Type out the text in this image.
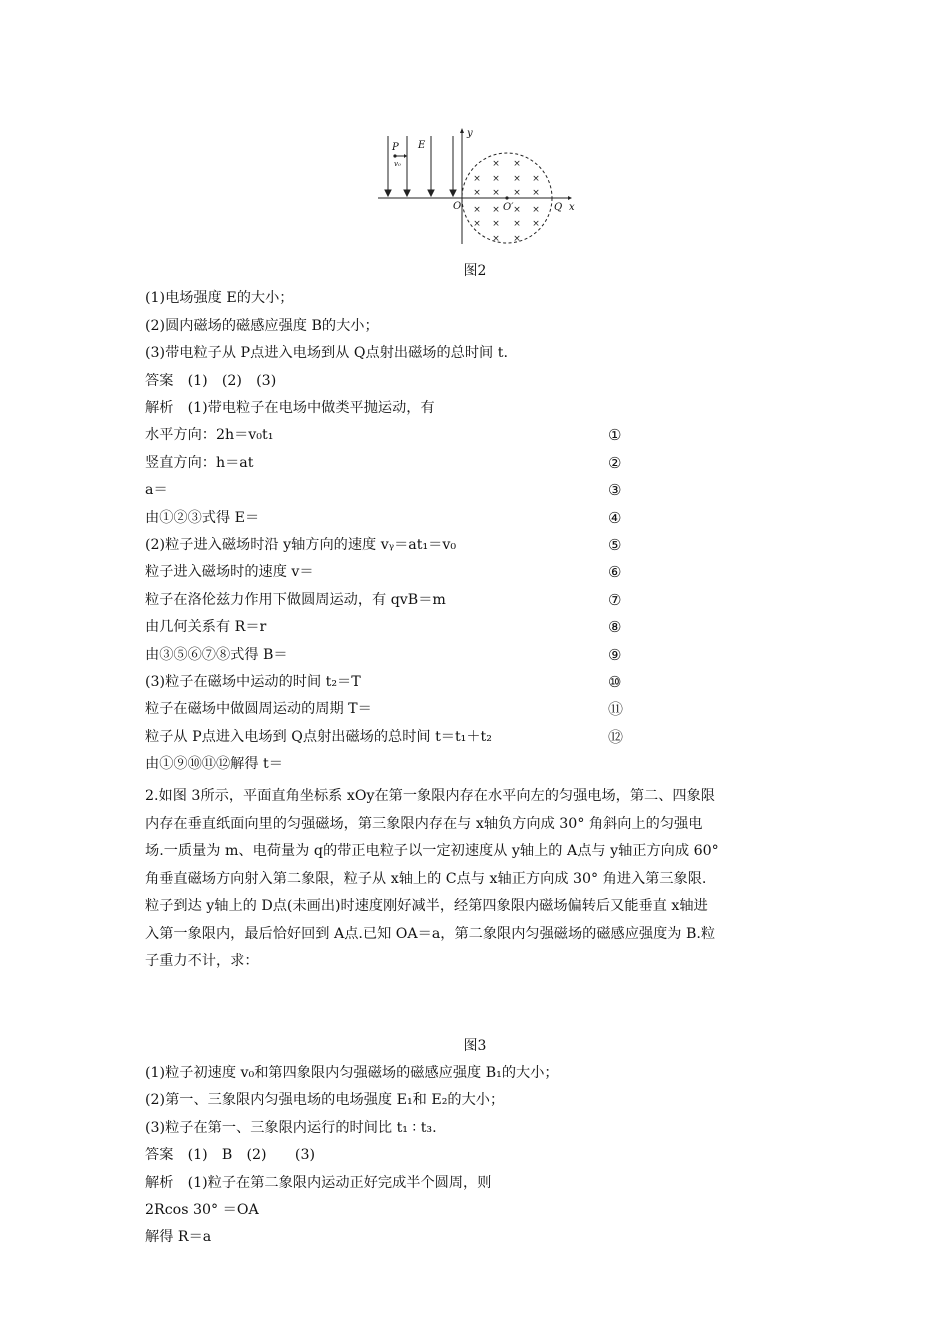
× ×
× × × ×
× × × ×
× × × ×
× × × ×
× ×
P
v₀
E
y
O	O′	Q x
图2
(1)电场强度 E的大小；
(2)圆内磁场的磁感应强度 B的大小；
(3)带电粒子从 P点进入电场到从 Q点射出磁场的总时间 t.
答案　(1)　(2)　(3)
解析　(1)带电粒子在电场中做类平抛运动，有
水平方向：2h＝v₀t₁	①
竖直方向：h＝at	②
a＝	③
由①②③式得 E＝	④
(2)粒子进入磁场时沿 y轴方向的速度 vᵧ＝at₁＝v₀	⑤
粒子进入磁场时的速度 v＝	⑥
粒子在洛伦兹力作用下做圆周运动，有 qvB＝m	⑦
由几何关系有 R＝r	⑧
由③⑤⑥⑦⑧式得 B＝	⑨
(3)粒子在磁场中运动的时间 t₂＝T	⑩
粒子在磁场中做圆周运动的周期 T＝	⑪
粒子从 P点进入电场到 Q点射出磁场的总时间 t＝t₁＋t₂	⑫
由①⑨⑩⑪⑫解得 t＝
2.如图 3所示，平面直角坐标系 xOy在第一象限内存在水平向左的匀强电场，第二、四象限
内存在垂直纸面向里的匀强磁场，第三象限内存在与 x轴负方向成 30° 角斜向上的匀强电
场.一质量为 m、电荷量为 q的带正电粒子以一定初速度从 y轴上的 A点与 y轴正方向成 60°
角垂直磁场方向射入第二象限，粒子从 x轴上的 C点与 x轴正方向成 30° 角进入第三象限.
粒子到达 y轴上的 D点(未画出)时速度刚好减半，经第四象限内磁场偏转后又能垂直 x轴进
入第一象限内，最后恰好回到 A点.已知 OA＝a，第二象限内匀强磁场的磁感应强度为 B.粒
子重力不计，求：
图3
(1)粒子初速度 v₀和第四象限内匀强磁场的磁感应强度 B₁的大小；
(2)第一、三象限内匀强电场的电场强度 E₁和 E₂的大小；
(3)粒子在第一、三象限内运行的时间比 t₁ ∶ t₃.
答案　(1)　B　(2)　　(3)
解析　(1)粒子在第二象限内运动正好完成半个圆周，则
2Rcos 30° ＝OA
解得 R＝a
